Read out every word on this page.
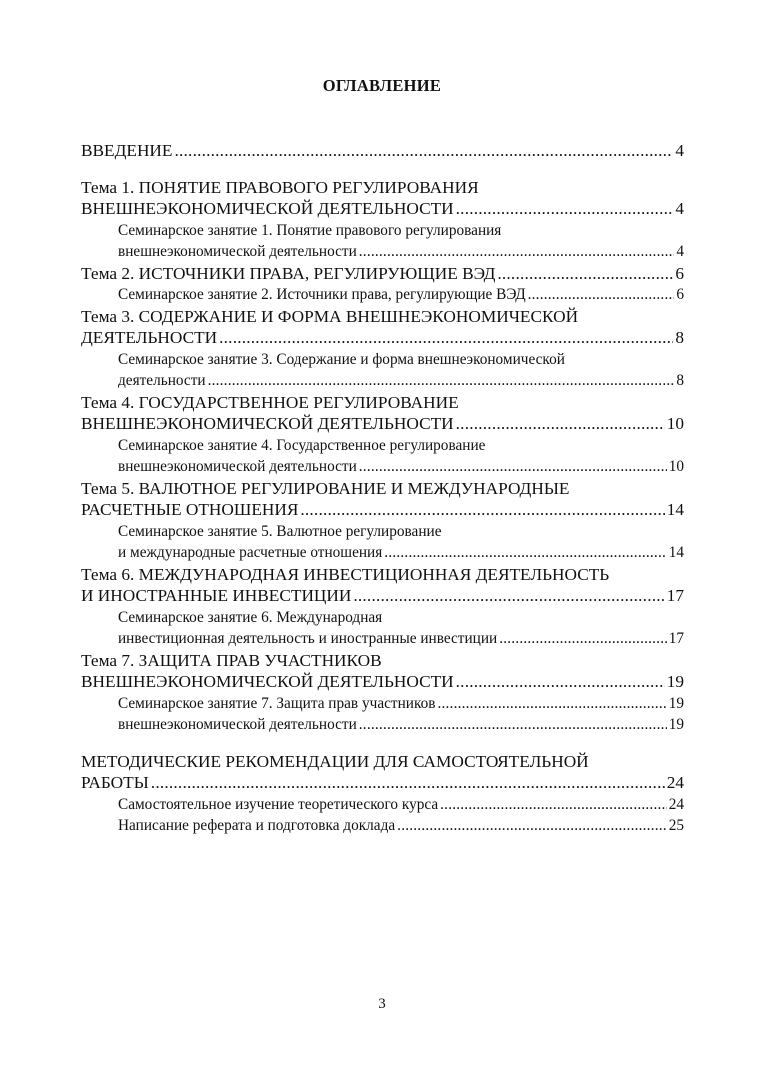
ОГЛАВЛЕНИЕ
ВВЕДЕНИЕ .....	4
Тема 1. ПОНЯТИЕ ПРАВОВОГО РЕГУЛИРОВАНИЯ
ВНЕШНЕЭКОНОМИЧЕСКОЙ ДЕЯТЕЛЬНОСТИ .....	4
Семинарское занятие 1. Понятие правового регулирования
внешнеэкономической деятельности .....	4
Тема 2. ИСТОЧНИКИ ПРАВА, РЕГУЛИРУЮЩИЕ ВЭД .....	6
Семинарское занятие 2. Источники права, регулирующие ВЭД .....	6
Тема 3. СОДЕРЖАНИЕ И ФОРМА ВНЕШНЕЭКОНОМИЧЕСКОЙ
ДЕЯТЕЛЬНОСТИ .....	8
Семинарское занятие 3. Содержание и форма внешнеэкономической
деятельности .....	8
Тема 4. ГОСУДАРСТВЕННОЕ РЕГУЛИРОВАНИЕ
ВНЕШНЕЭКОНОМИЧЕСКОЙ ДЕЯТЕЛЬНОСТИ .....	10
Семинарское занятие 4. Государственное регулирование
внешнеэкономической деятельности .....	10
Тема 5. ВАЛЮТНОЕ РЕГУЛИРОВАНИЕ И МЕЖДУНАРОДНЫЕ
РАСЧЕТНЫЕ ОТНОШЕНИЯ .....	14
Семинарское занятие 5. Валютное регулирование
и международные расчетные отношения .....	14
Тема 6. МЕЖДУНАРОДНАЯ ИНВЕСТИЦИОННАЯ ДЕЯТЕЛЬНОСТЬ
И ИНОСТРАННЫЕ ИНВЕСТИЦИИ .....	17
Семинарское занятие 6. Международная
инвестиционная деятельность и иностранные инвестиции .....	17
Тема 7. ЗАЩИТА ПРАВ УЧАСТНИКОВ
ВНЕШНЕЭКОНОМИЧЕСКОЙ ДЕЯТЕЛЬНОСТИ .....	19
Семинарское занятие 7. Защита прав участников .....	19
внешнеэкономической деятельности .....	19
МЕТОДИЧЕСКИЕ РЕКОМЕНДАЦИИ ДЛЯ САМОСТОЯТЕЛЬНОЙ
РАБОТЫ .....	24
Самостоятельное изучение теоретического курса .....	24
Написание реферата и подготовка доклада .....	25
3
